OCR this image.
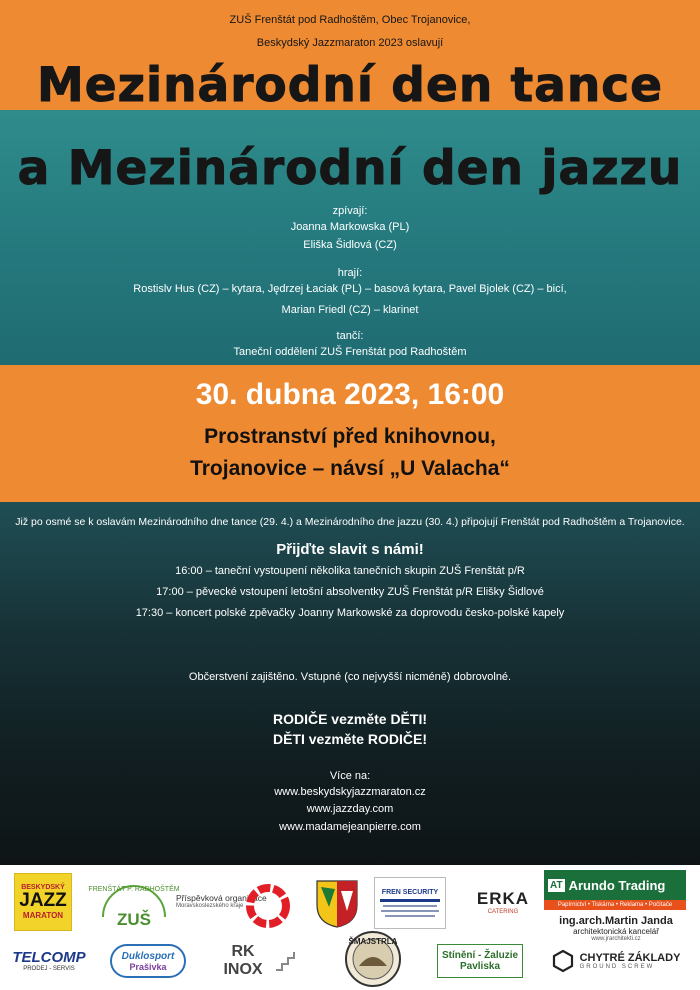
ZUŠ Frenštát pod Radhoštěm, Obec Trojanovice,
Beskydský Jazzmaraton 2023 oslavují
Mezinárodní den tance
a Mezinárodní den jazzu
zpívají:
Joanna Markowska (PL)
Eliška Šidlová (CZ)
hrají:
Rostislv Hus (CZ) – kytara, Jędrzej Łaciak (PL) – basová kytara, Pavel Bjolek (CZ) – bicí,
Marian Friedl (CZ) – klarinet
tančí:
Taneční oddělení ZUŠ Frenštát pod Radhoštěm
30. dubna 2023, 16:00
Prostranství před knihovnou,
Trojanovice – návsí „U Valacha“
Již po osmé se k oslavám Mezinárodního dne tance (29. 4.) a Mezinárodního dne jazzu (30. 4.) připojují Frenštát pod Radhoštěm a Trojanovice.
Přijďte slavit s námi!
16:00 – taneční vystoupení několika tanečních skupin ZUŠ Frenštát p/R
17:00 – pěvecké vstoupení letošní absolventky ZUŠ Frenštát p/R Elišky Šidlové
17:30 – koncert polské zpěvačky Joanny Markowské za doprovodu česko-polské kapely
Občerstvení zajištěno. Vstupné (co nejvyšší nicméně) dobrovolné.
RODIČE vezměte DĚTI!
DĚTI vezměte RODIČE!
Více na:
www.beskydskyjazzmaraton.cz
www.jazzday.com
www.madamejeanpierre.com
BESKYDSKÝ
JAZZ
MARATON	ZUŠ
FRENŠTÁT P. RADHOŠTĚM
Příspěvková organizace
Moravskoslezského kraje
FREN SECURITY ERKA
CATERING
AT Arundo Trading
Papírnictví • Tiskárna • Reklama • Počítače
ing.arch.Martin Janda
architektonická kancelář
www.jrarchitekti.cz
TELCOMP
PRODEJ - SERVIS
Duklosport
Prašivka
RK INOX
ŠMAJSTRLA
Stínění - Žaluzie
Pavliska
CHYTRÉ ZÁKLADY
GROUND SCREW
